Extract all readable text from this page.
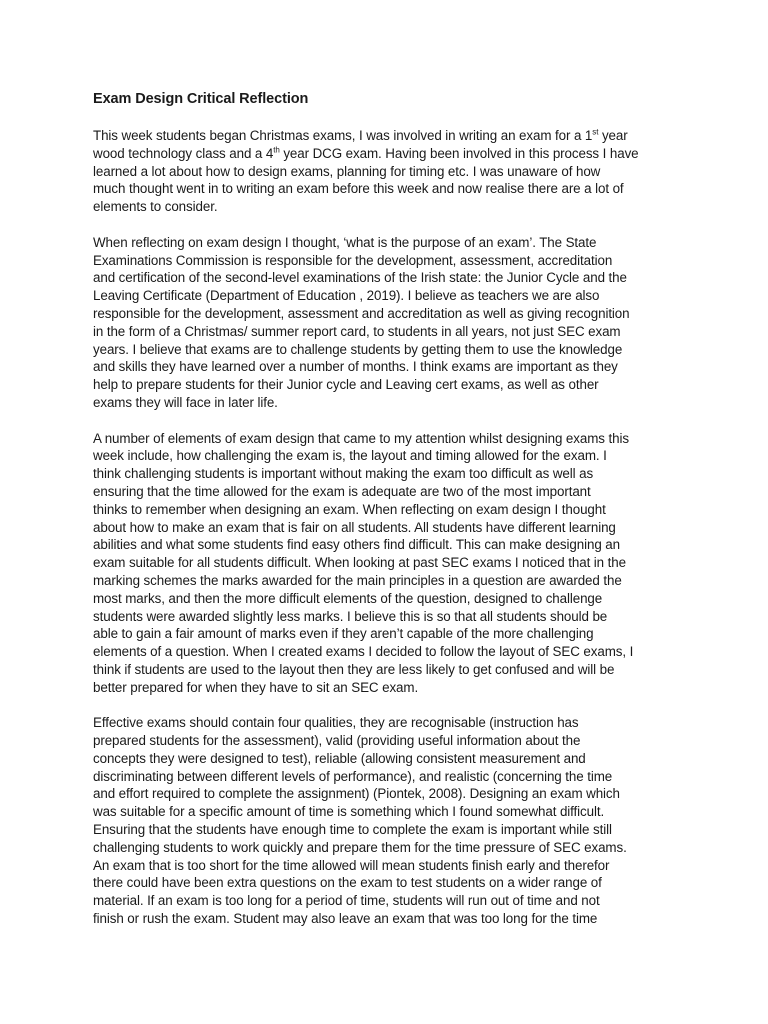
Exam Design Critical Reflection
This week students began Christmas exams, I was involved in writing an exam for a 1st year
wood technology class and a 4th year DCG exam. Having been involved in this process I have
learned a lot about how to design exams, planning for timing etc. I was unaware of how
much thought went in to writing an exam before this week and now realise there are a lot of
elements to consider.
When reflecting on exam design I thought, ‘what is the purpose of an exam’. The State
Examinations Commission is responsible for the development, assessment, accreditation
and certification of the second-level examinations of the Irish state: the Junior Cycle and the
Leaving Certificate (Department of Education , 2019). I believe as teachers we are also
responsible for the development, assessment and accreditation as well as giving recognition
in the form of a Christmas/ summer report card, to students in all years, not just SEC exam
years. I believe that exams are to challenge students by getting them to use the knowledge
and skills they have learned over a number of months. I think exams are important as they
help to prepare students for their Junior cycle and Leaving cert exams, as well as other
exams they will face in later life.
A number of elements of exam design that came to my attention whilst designing exams this
week include, how challenging the exam is, the layout and timing allowed for the exam. I
think challenging students is important without making the exam too difficult as well as
ensuring that the time allowed for the exam is adequate are two of the most important
thinks to remember when designing an exam. When reflecting on exam design I thought
about how to make an exam that is fair on all students. All students have different learning
abilities and what some students find easy others find difficult. This can make designing an
exam suitable for all students difficult. When looking at past SEC exams I noticed that in the
marking schemes the marks awarded for the main principles in a question are awarded the
most marks, and then the more difficult elements of the question, designed to challenge
students were awarded slightly less marks. I believe this is so that all students should be
able to gain a fair amount of marks even if they aren’t capable of the more challenging
elements of a question. When I created exams I decided to follow the layout of SEC exams, I
think if students are used to the layout then they are less likely to get confused and will be
better prepared for when they have to sit an SEC exam.
Effective exams should contain four qualities, they are recognisable (instruction has
prepared students for the assessment), valid (providing useful information about the
concepts they were designed to test), reliable (allowing consistent measurement and
discriminating between different levels of performance), and realistic (concerning the time
and effort required to complete the assignment) (Piontek, 2008). Designing an exam which
was suitable for a specific amount of time is something which I found somewhat difficult.
Ensuring that the students have enough time to complete the exam is important while still
challenging students to work quickly and prepare them for the time pressure of SEC exams.
An exam that is too short for the time allowed will mean students finish early and therefor
there could have been extra questions on the exam to test students on a wider range of
material. If an exam is too long for a period of time, students will run out of time and not
finish or rush the exam. Student may also leave an exam that was too long for the time
